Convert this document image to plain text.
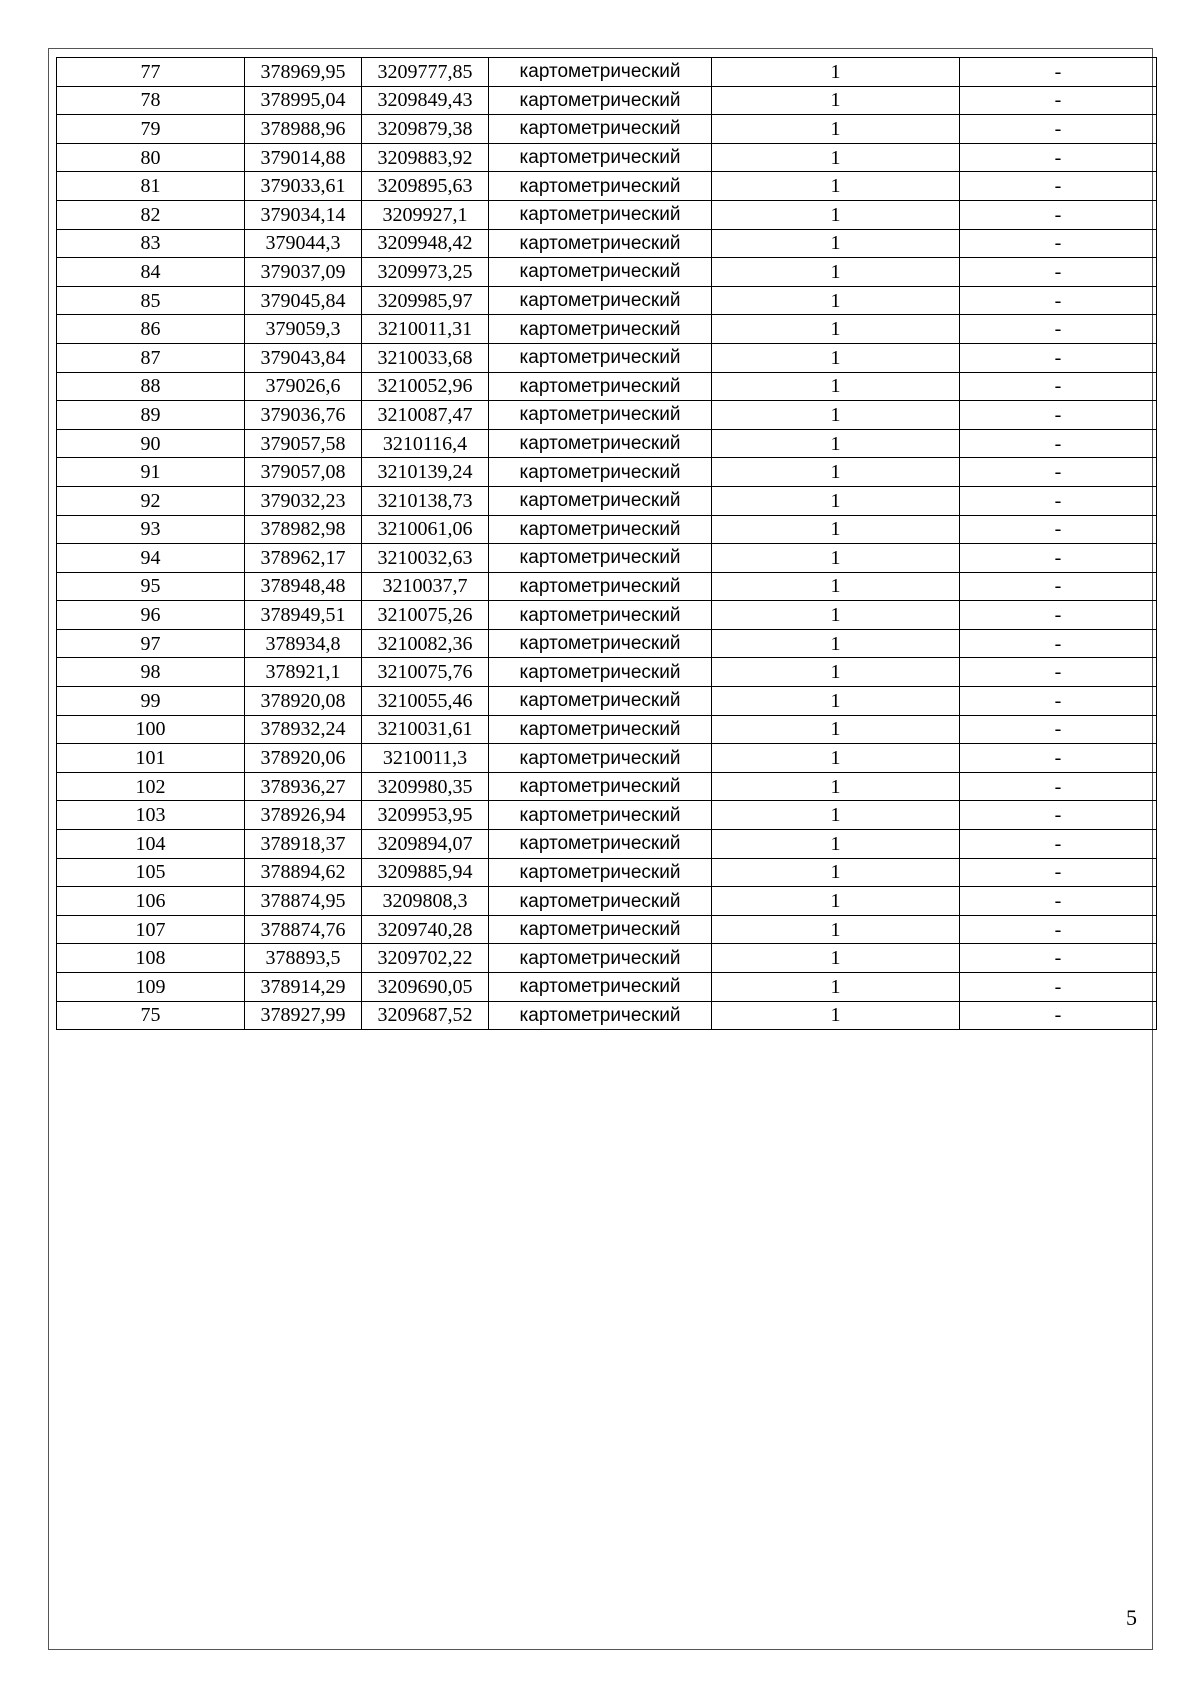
77	378969,95	3209777,85	картометрический	1	-
78	378995,04	3209849,43	картометрический	1	-
79	378988,96	3209879,38	картометрический	1	-
80	379014,88	3209883,92	картометрический	1	-
81	379033,61	3209895,63	картометрический	1	-
82	379034,14	3209927,1	картометрический	1	-
83	379044,3	3209948,42	картометрический	1	-
84	379037,09	3209973,25	картометрический	1	-
85	379045,84	3209985,97	картометрический	1	-
86	379059,3	3210011,31	картометрический	1	-
87	379043,84	3210033,68	картометрический	1	-
88	379026,6	3210052,96	картометрический	1	-
89	379036,76	3210087,47	картометрический	1	-
90	379057,58	3210116,4	картометрический	1	-
91	379057,08	3210139,24	картометрический	1	-
92	379032,23	3210138,73	картометрический	1	-
93	378982,98	3210061,06	картометрический	1	-
94	378962,17	3210032,63	картометрический	1	-
95	378948,48	3210037,7	картометрический	1	-
96	378949,51	3210075,26	картометрический	1	-
97	378934,8	3210082,36	картометрический	1	-
98	378921,1	3210075,76	картометрический	1	-
99	378920,08	3210055,46	картометрический	1	-
100	378932,24	3210031,61	картометрический	1	-
101	378920,06	3210011,3	картометрический	1	-
102	378936,27	3209980,35	картометрический	1	-
103	378926,94	3209953,95	картометрический	1	-
104	378918,37	3209894,07	картометрический	1	-
105	378894,62	3209885,94	картометрический	1	-
106	378874,95	3209808,3	картометрический	1	-
107	378874,76	3209740,28	картометрический	1	-
108	378893,5	3209702,22	картометрический	1	-
109	378914,29	3209690,05	картометрический	1	-
75	378927,99	3209687,52	картометрический	1	-
5
